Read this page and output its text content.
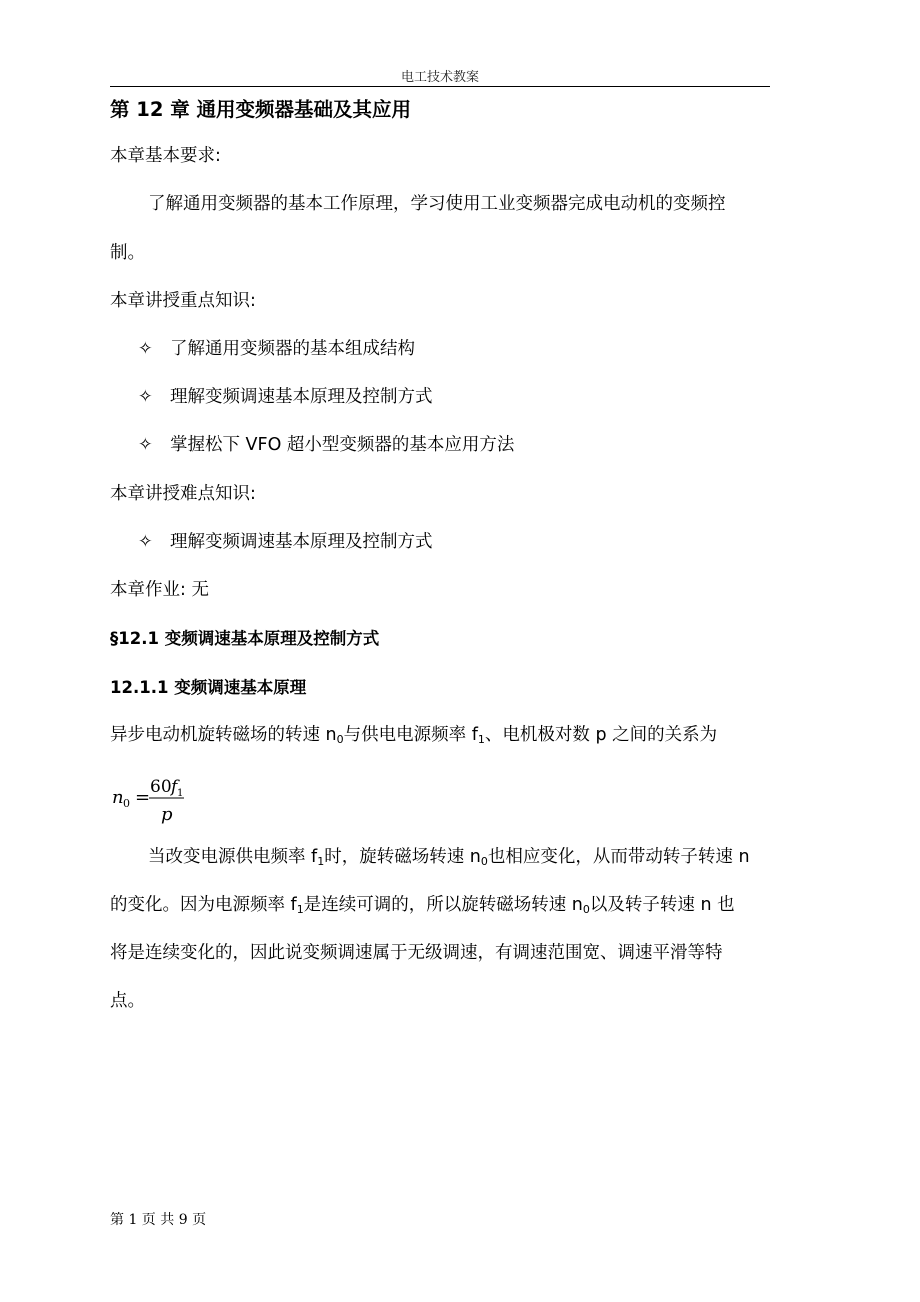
电工技术教案
第 12 章 通用变频器基础及其应用
本章基本要求:
了解通用变频器的基本工作原理，学习使用工业变频器完成电动机的变频控
制。
本章讲授重点知识:
✧ 了解通用变频器的基本组成结构
✧ 理解变频调速基本原理及控制方式
✧ 掌握松下 VFO 超小型变频器的基本应用方法
本章讲授难点知识:
✧ 理解变频调速基本原理及控制方式
本章作业: 无
§12.1 变频调速基本原理及控制方式
12.1.1 变频调速基本原理
异步电动机旋转磁场的转速 $n_0$与供电电源频率 $f_1$、电机极对数 p 之间的关系为
n 0 = 60 f 1
p
当改变电源供电频率 $f_1$时，旋转磁场转速 $n_0$也相应变化，从而带动转子转速 n
的变化。因为电源频率 $f_1$是连续可调的，所以旋转磁场转速 $n_0$以及转子转速 n 也
将是连续变化的，因此说变频调速属于无级调速，有调速范围宽、调速平滑等特
点。
第 1 页 共 9 页
